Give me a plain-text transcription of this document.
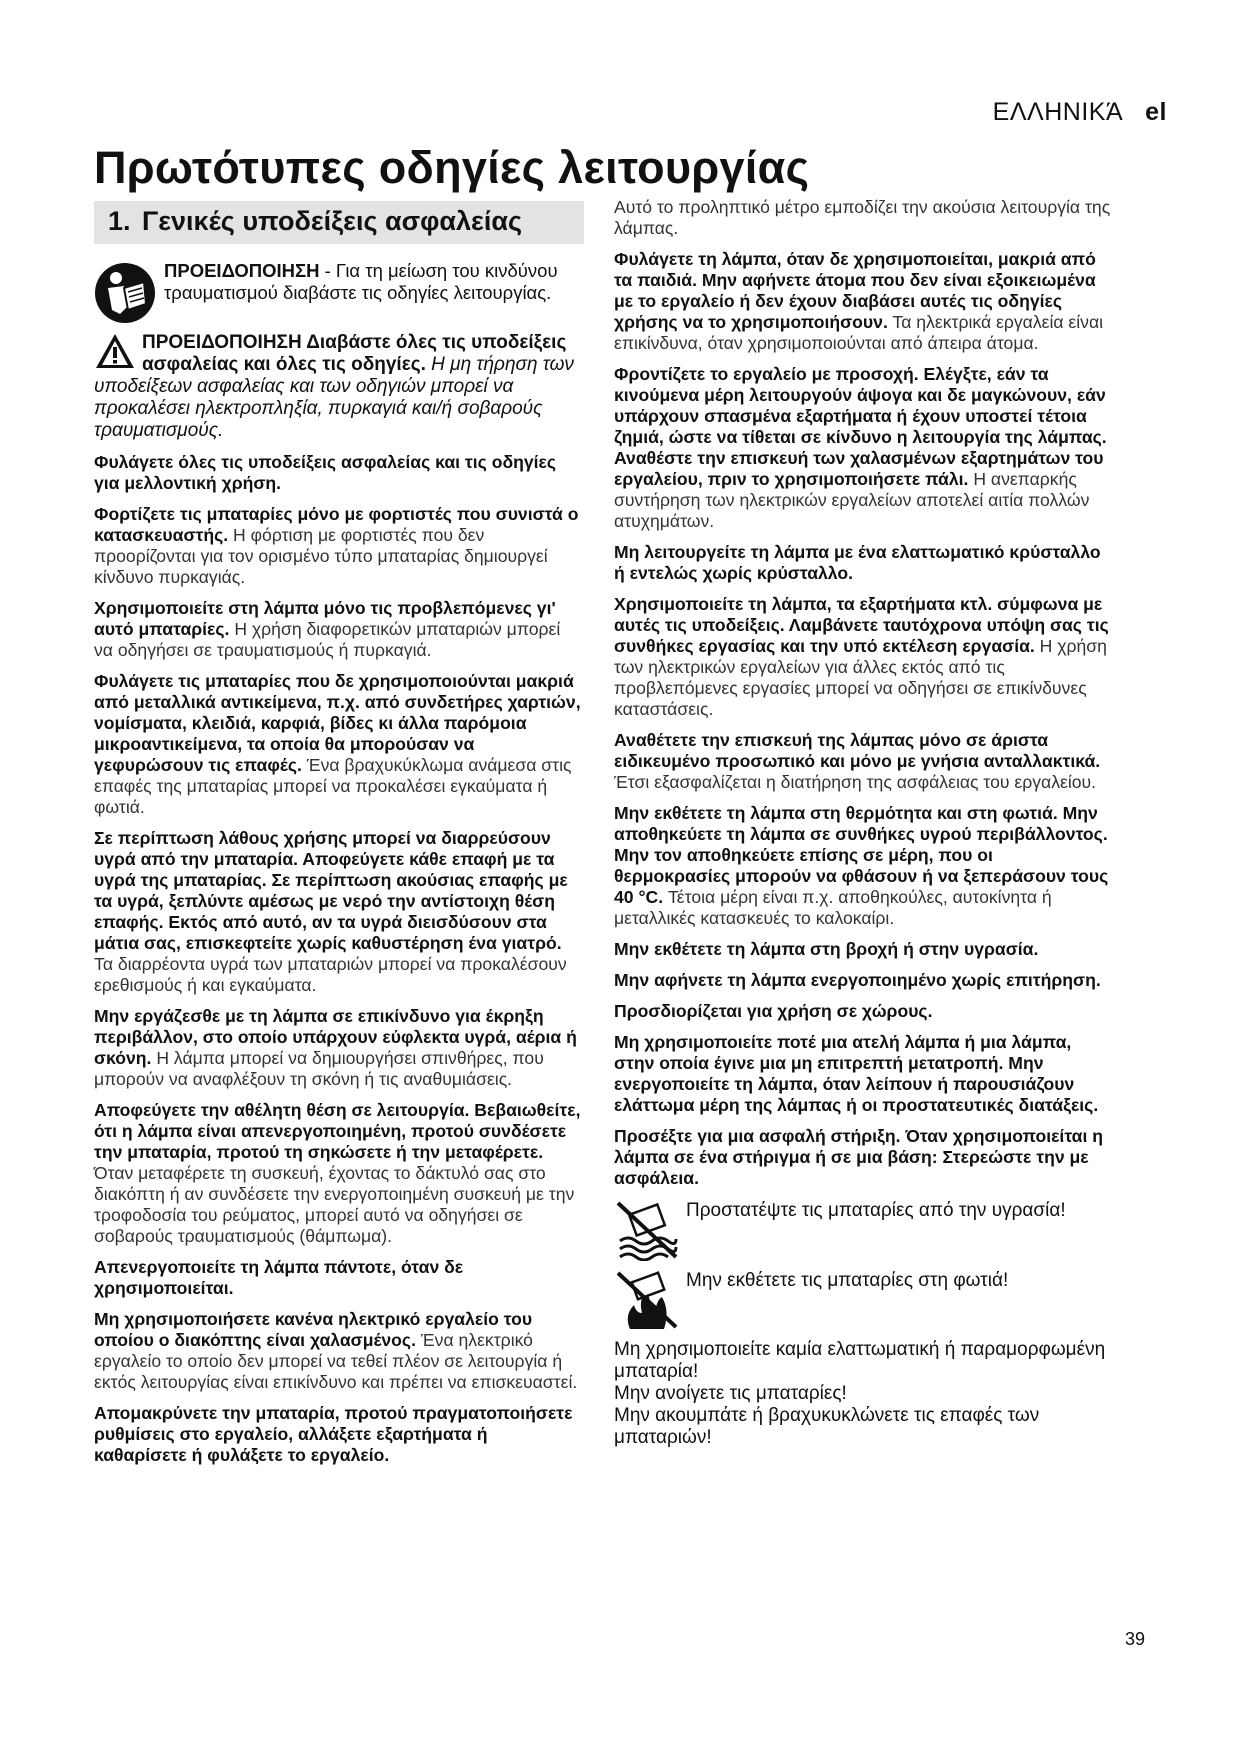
ΕΛΛΗΝΙΚΆ el
Πρωτότυπες οδηγίες λειτουργίας
1. Γενικές υποδείξεις ασφαλείας
ΠΡΟΕΙΔΟΠΟΙΗΣΗ - Για τη μείωση του κινδύνου τραυματισμού διαβάστε τις οδηγίες λειτουργίας.

ΠΡΟΕΙΔΟΠΟΙΗΣΗ Διαβάστε όλες τις υποδείξεις ασφαλείας και όλες τις οδηγίες. Η μη τήρηση των υποδείξεων ασφαλείας και των οδηγιών μπορεί να προκαλέσει ηλεκτροπληξία, πυρκαγιά και/ή σοβαρούς τραυματισμούς.

Φυλάγετε όλες τις υποδείξεις ασφαλείας και τις οδηγίες για μελλοντική χρήση.

Φορτίζετε τις μπαταρίες μόνο με φορτιστές που συνιστά ο κατασκευαστής. Η φόρτιση με φορτιστές που δεν προορίζονται για τον ορισμένο τύπο μπαταρίας δημιουργεί κίνδυνο πυρκαγιάς.

Χρησιμοποιείτε στη λάμπα μόνο τις προβλεπόμενες γι' αυτό μπαταρίες. Η χρήση διαφορετικών μπαταριών μπορεί να οδηγήσει σε τραυματισμούς ή πυρκαγιά.

Φυλάγετε τις μπαταρίες που δε χρησιμοποιούνται μακριά από μεταλλικά αντικείμενα, π.χ. από συνδετήρες χαρτιών, νομίσματα, κλειδιά, καρφιά, βίδες κι άλλα παρόμοια μικροαντικείμενα, τα οποία θα μπορούσαν να γεφυρώσουν τις επαφές. Ένα βραχυκύκλωμα ανάμεσα στις επαφές της μπαταρίας μπορεί να προκαλέσει εγκαύματα ή φωτιά.

Σε περίπτωση λάθους χρήσης μπορεί να διαρρεύσουν υγρά από την μπαταρία. Αποφεύγετε κάθε επαφή με τα υγρά της μπαταρίας. Σε περίπτωση ακούσιας επαφής με τα υγρά, ξεπλύντε αμέσως με νερό την αντίστοιχη θέση επαφής. Εκτός από αυτό, αν τα υγρά διεισδύσουν στα μάτια σας, επισκεφτείτε χωρίς καθυστέρηση ένα γιατρό. Τα διαρρέοντα υγρά των μπαταριών μπορεί να προκαλέσουν ερεθισμούς ή και εγκαύματα.

Μην εργάζεσθε με τη λάμπα σε επικίνδυνο για έκρηξη περιβάλλον, στο οποίο υπάρχουν εύφλεκτα υγρά, αέρια ή σκόνη. Η λάμπα μπορεί να δημιουργήσει σπινθήρες, που μπορούν να αναφλέξουν τη σκόνη ή τις αναθυμιάσεις.

Αποφεύγετε την αθέλητη θέση σε λειτουργία. Βεβαιωθείτε, ότι η λάμπα είναι απενεργοποιημένη, προτού συνδέσετε την μπαταρία, προτού τη σηκώσετε ή την μεταφέρετε. Όταν μεταφέρετε τη συσκευή, έχοντας το δάκτυλό σας στο διακόπτη ή αν συνδέσετε την ενεργοποιημένη συσκευή με την τροφοδοσία του ρεύματος, μπορεί αυτό να οδηγήσει σε σοβαρούς τραυματισμούς (θάμπωμα).

Απενεργοποιείτε τη λάμπα πάντοτε, όταν δε χρησιμοποιείται.

Μη χρησιμοποιήσετε κανένα ηλεκτρικό εργαλείο του οποίου ο διακόπτης είναι χαλασμένος. Ένα ηλεκτρικό εργαλείο το οποίο δεν μπορεί να τεθεί πλέον σε λειτουργία ή εκτός λειτουργίας είναι επικίνδυνο και πρέπει να επισκευαστεί.

Απομακρύνετε την μπαταρία, προτού πραγματοποιήσετε ρυθμίσεις στο εργαλείο, αλλάξετε εξαρτήματα ή καθαρίσετε ή φυλάξετε το εργαλείο.

Αυτό το προληπτικό μέτρο εμποδίζει την ακούσια λειτουργία της λάμπας.

Φυλάγετε τη λάμπα, όταν δε χρησιμοποιείται, μακριά από τα παιδιά. Μην αφήνετε άτομα που δεν είναι εξοικειωμένα με το εργαλείο ή δεν έχουν διαβάσει αυτές τις οδηγίες χρήσης να το χρησιμοποιήσουν. Τα ηλεκτρικά εργαλεία είναι επικίνδυνα, όταν χρησιμοποιούνται από άπειρα άτομα.

Φροντίζετε το εργαλείο με προσοχή. Ελέγξτε, εάν τα κινούμενα μέρη λειτουργούν άψογα και δε μαγκώνουν, εάν υπάρχουν σπασμένα εξαρτήματα ή έχουν υποστεί τέτοια ζημιά, ώστε να τίθεται σε κίνδυνο η λειτουργία της λάμπας. Αναθέστε την επισκευή των χαλασμένων εξαρτημάτων του εργαλείου, πριν το χρησιμοποιήσετε πάλι. Η ανεπαρκής συντήρηση των ηλεκτρικών εργαλείων αποτελεί αιτία πολλών ατυχημάτων.

Μη λειτουργείτε τη λάμπα με ένα ελαττωματικό κρύσταλλο ή εντελώς χωρίς κρύσταλλο.

Χρησιμοποιείτε τη λάμπα, τα εξαρτήματα κτλ. σύμφωνα με αυτές τις υποδείξεις. Λαμβάνετε ταυτόχρονα υπόψη σας τις συνθήκες εργασίας και την υπό εκτέλεση εργασία. Η χρήση των ηλεκτρικών εργαλείων για άλλες εκτός από τις προβλεπόμενες εργασίες μπορεί να οδηγήσει σε επικίνδυνες καταστάσεις.

Αναθέτετε την επισκευή της λάμπας μόνο σε άριστα ειδικευμένο προσωπικό και μόνο με γνήσια ανταλλακτικά. Έτσι εξασφαλίζεται η διατήρηση της ασφάλειας του εργαλείου.

Μην εκθέτετε τη λάμπα στη θερμότητα και στη φωτιά. Μην αποθηκεύετε τη λάμπα σε συνθήκες υγρού περιβάλλοντος. Μην τον αποθηκεύετε επίσης σε μέρη, που οι θερμοκρασίες μπορούν να φθάσουν ή να ξεπεράσουν τους 40 °C. Τέτοια μέρη είναι π.χ. αποθηκούλες, αυτοκίνητα ή μεταλλικές κατασκευές το καλοκαίρι.

Μην εκθέτετε τη λάμπα στη βροχή ή στην υγρασία.

Μην αφήνετε τη λάμπα ενεργοποιημένο χωρίς επιτήρηση.

Προσδιορίζεται για χρήση σε χώρους.

Μη χρησιμοποιείτε ποτέ μια ατελή λάμπα ή μια λάμπα, στην οποία έγινε μια μη επιτρεπτή μετατροπή. Μην ενεργοποιείτε τη λάμπα, όταν λείπουν ή παρουσιάζουν ελάττωμα μέρη της λάμπας ή οι προστατευτικές διατάξεις.

Προσέξτε για μια ασφαλή στήριξη. Όταν χρησιμοποιείται η λάμπα σε ένα στήριγμα ή σε μια βάση: Στερεώστε την με ασφάλεια.

Προστατέψτε τις μπαταρίες από την υγρασία!
Μην εκθέτετε τις μπαταρίες στη φωτιά!

Μη χρησιμοποιείτε καμία ελαττωματική ή παραμορφωμένη μπαταρία!

Μην ανοίγετε τις μπαταρίες!

Μην ακουμπάτε ή βραχυκυκλώνετε τις επαφές των μπαταριών!

39
